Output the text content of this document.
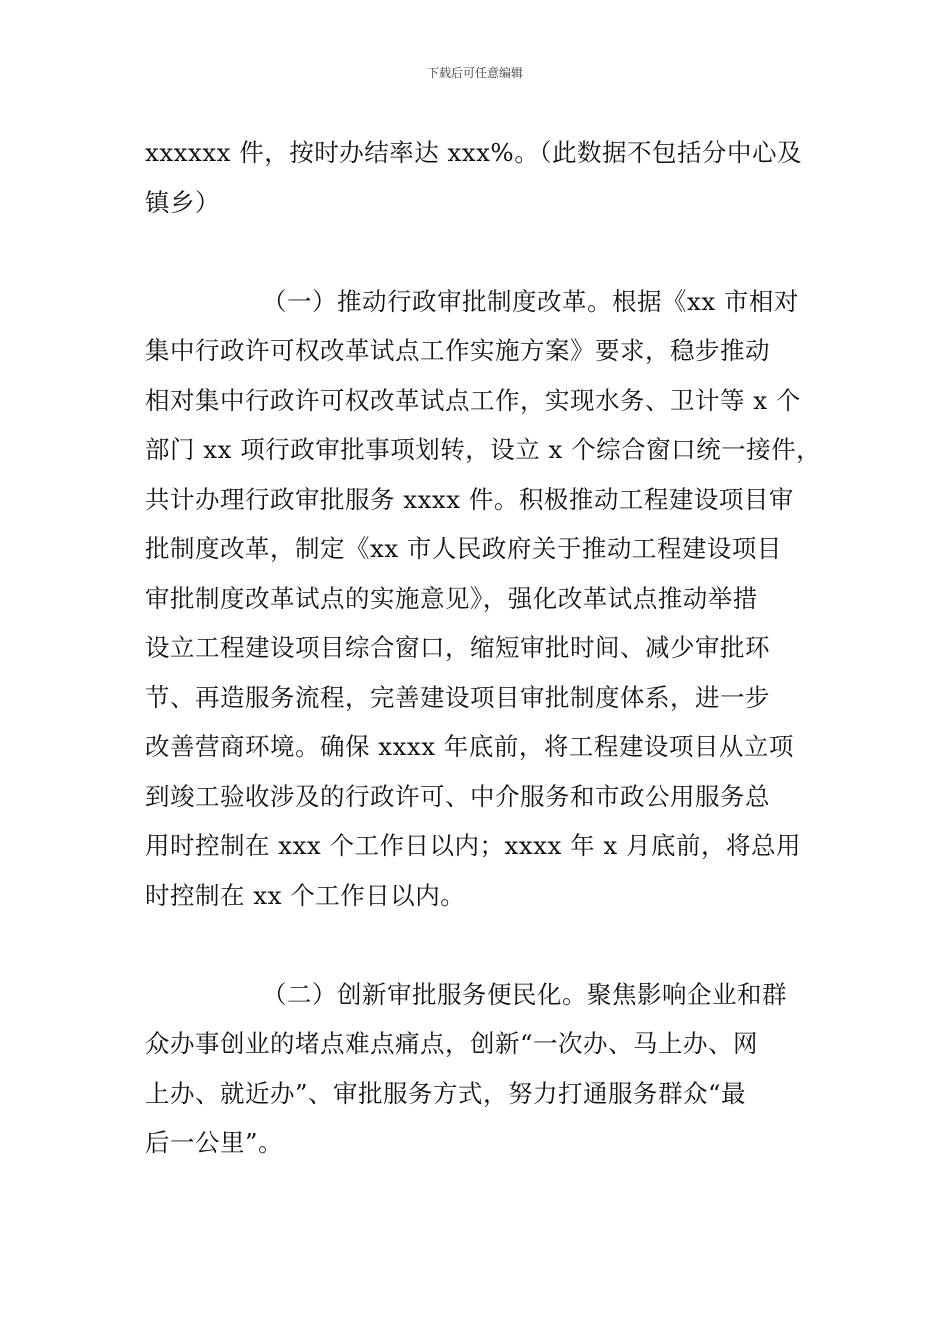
下载后可任意编辑

xxxxxx 件，按时办结率达 xxx%。（此数据不包括分中心及
镇乡）

（一）推动行政审批制度改革。根据《xx 市相对
集中行政许可权改革试点工作实施方案》要求，稳步推动
相对集中行政许可权改革试点工作，实现水务、卫计等 x 个
部门 xx 项行政审批事项划转，设立 x 个综合窗口统一接件，
共计办理行政审批服务 xxxx 件。积极推动工程建设项目审
批制度改革，制定《xx 市人民政府关于推动工程建设项目
审批制度改革试点的实施意见》，强化改革试点推动举措
设立工程建设项目综合窗口，缩短审批时间、减少审批环
节、再造服务流程，完善建设项目审批制度体系，进一步
改善营商环境。确保 xxxx 年底前，将工程建设项目从立项
到竣工验收涉及的行政许可、中介服务和市政公用服务总
用时控制在 xxx 个工作日以内；xxxx 年 x 月底前，将总用
时控制在 xx 个工作日以内。

（二）创新审批服务便民化。聚焦影响企业和群
众办事创业的堵点难点痛点，创新“一次办、马上办、网
上办、就近办”、审批服务方式，努力打通服务群众“最
后一公里”。
